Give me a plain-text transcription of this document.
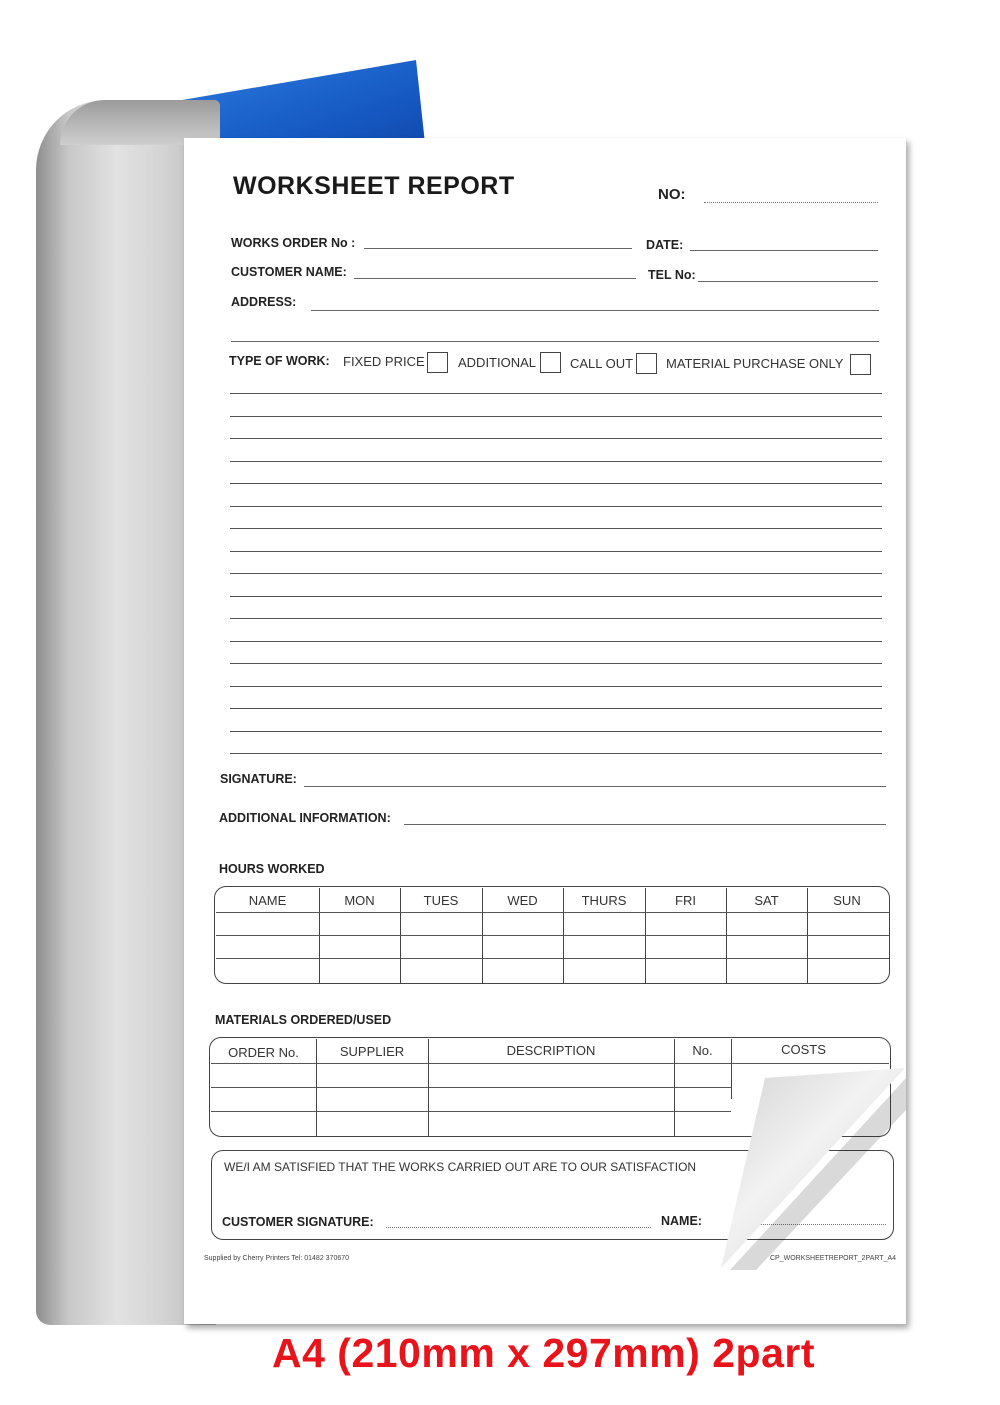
WORKSHEET REPORT	NO:
WORKS ORDER No :	DATE:
CUSTOMER NAME:	TEL No:
ADDRESS:
TYPE OF WORK: FIXED PRICE	ADDITIONAL	CALL OUT	MATERIAL PURCHASE ONLY
SIGNATURE:
ADDITIONAL INFORMATION:
HOURS WORKED
NAME	MON	TUES	WED	THURS	FRI	SAT	SUN
MATERIALS ORDERED/USED
ORDER No.	SUPPLIER	DESCRIPTION	No.	COSTS
WE/I AM SATISFIED THAT THE WORKS CARRIED OUT ARE TO OUR SATISFACTION
CUSTOMER SIGNATURE:	NAME:
Supplied by Cherry Printers Tel: 01482 370670	CP_WORKSHEETREPORT_2PART_A4
A4 (210mm x 297mm) 2part
